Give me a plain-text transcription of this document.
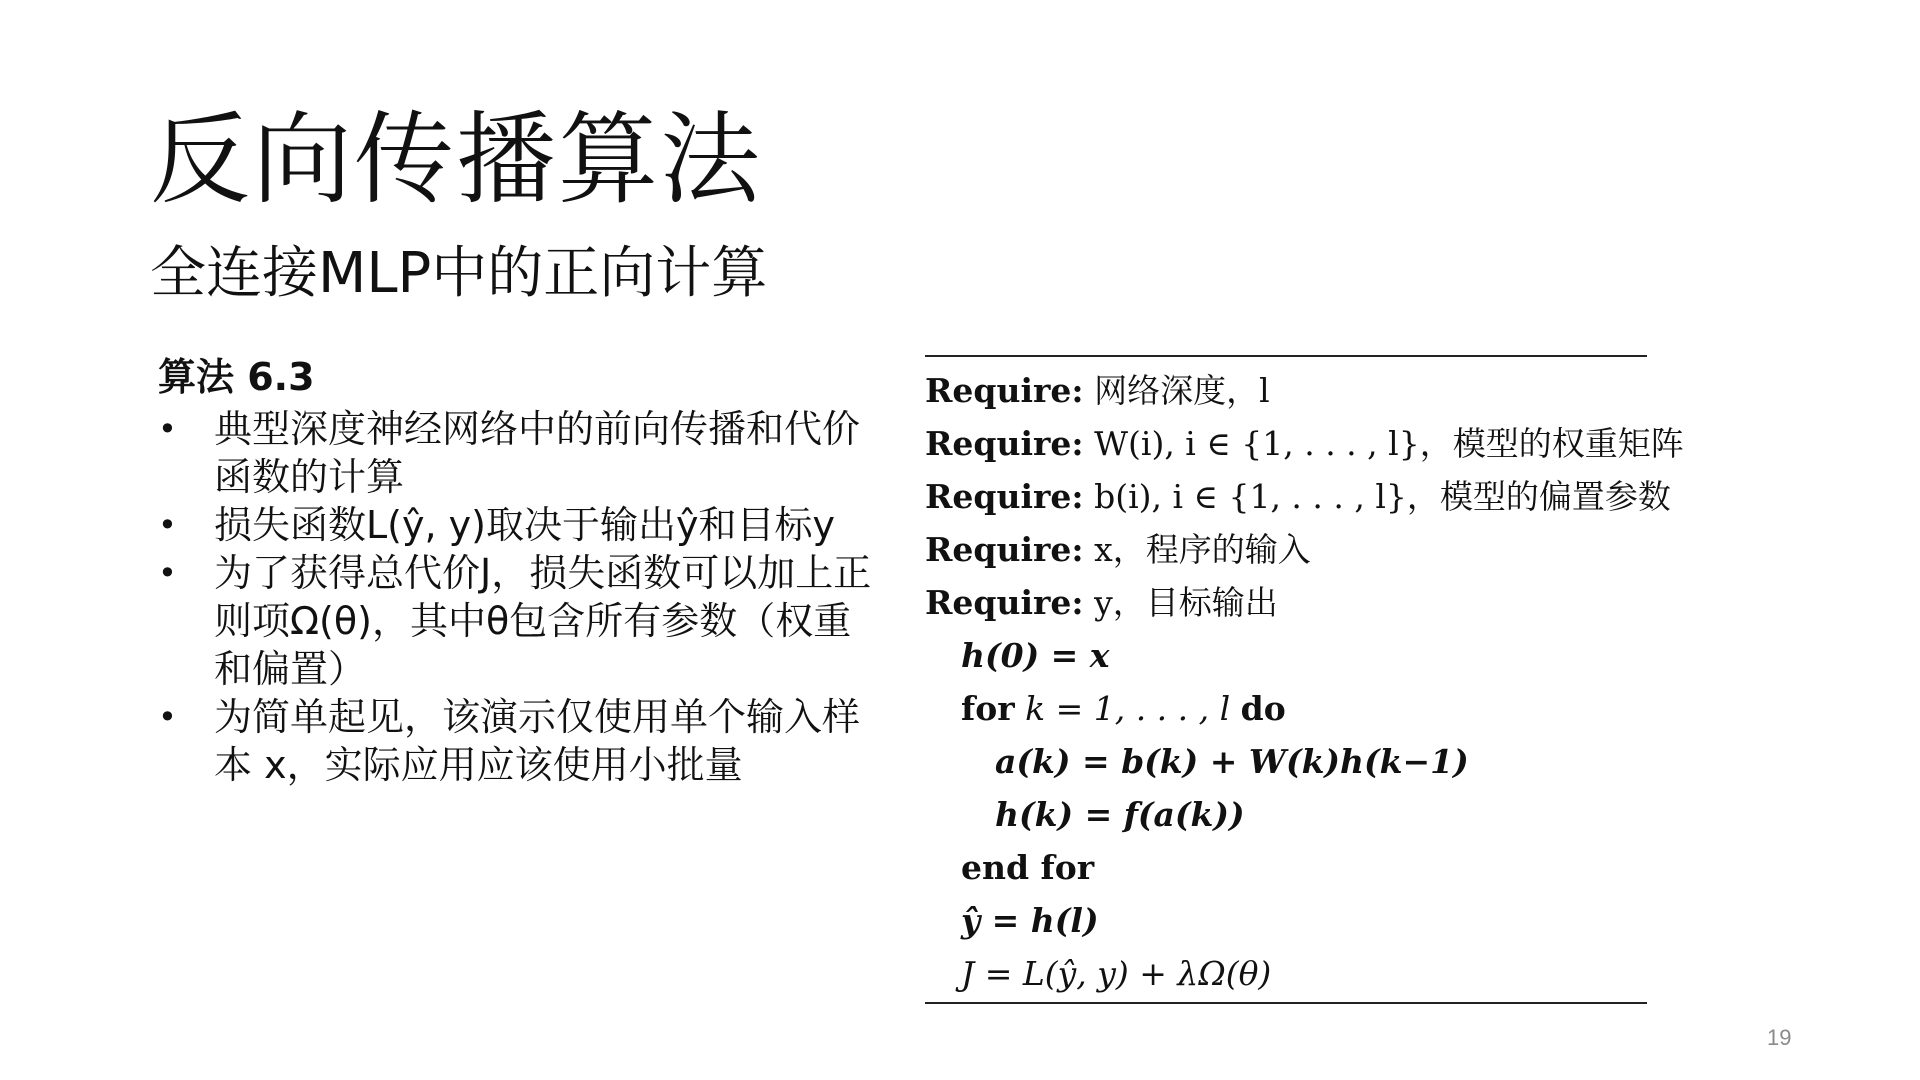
反向传播算法
全连接MLP中的正向计算
算法 6.3
• 典型深度神经网络中的前向传播和代价函数的计算
• 损失函数L(ŷ, y)取决于输出ŷ和目标y
• 为了获得总代价J，损失函数可以加上正则项Ω(θ)，其中θ包含所有参数（权重和偏置）
• 为简单起见，该演示仅使用单个输入样本 x，实际应用应该使用小批量
Require: 网络深度，l
Require: W(i), i ∈ {1, . . . , l}，模型的权重矩阵
Require: b(i), i ∈ {1, . . . , l}，模型的偏置参数
Require: x，程序的输入
Require: y，目标输出
h(0) = x
for k = 1, . . . , l do
a(k) = b(k) + W(k)h(k−1)
h(k) = f(a(k))
end for
ŷ = h(l)
J = L(ŷ, y) + λΩ(θ)
19
